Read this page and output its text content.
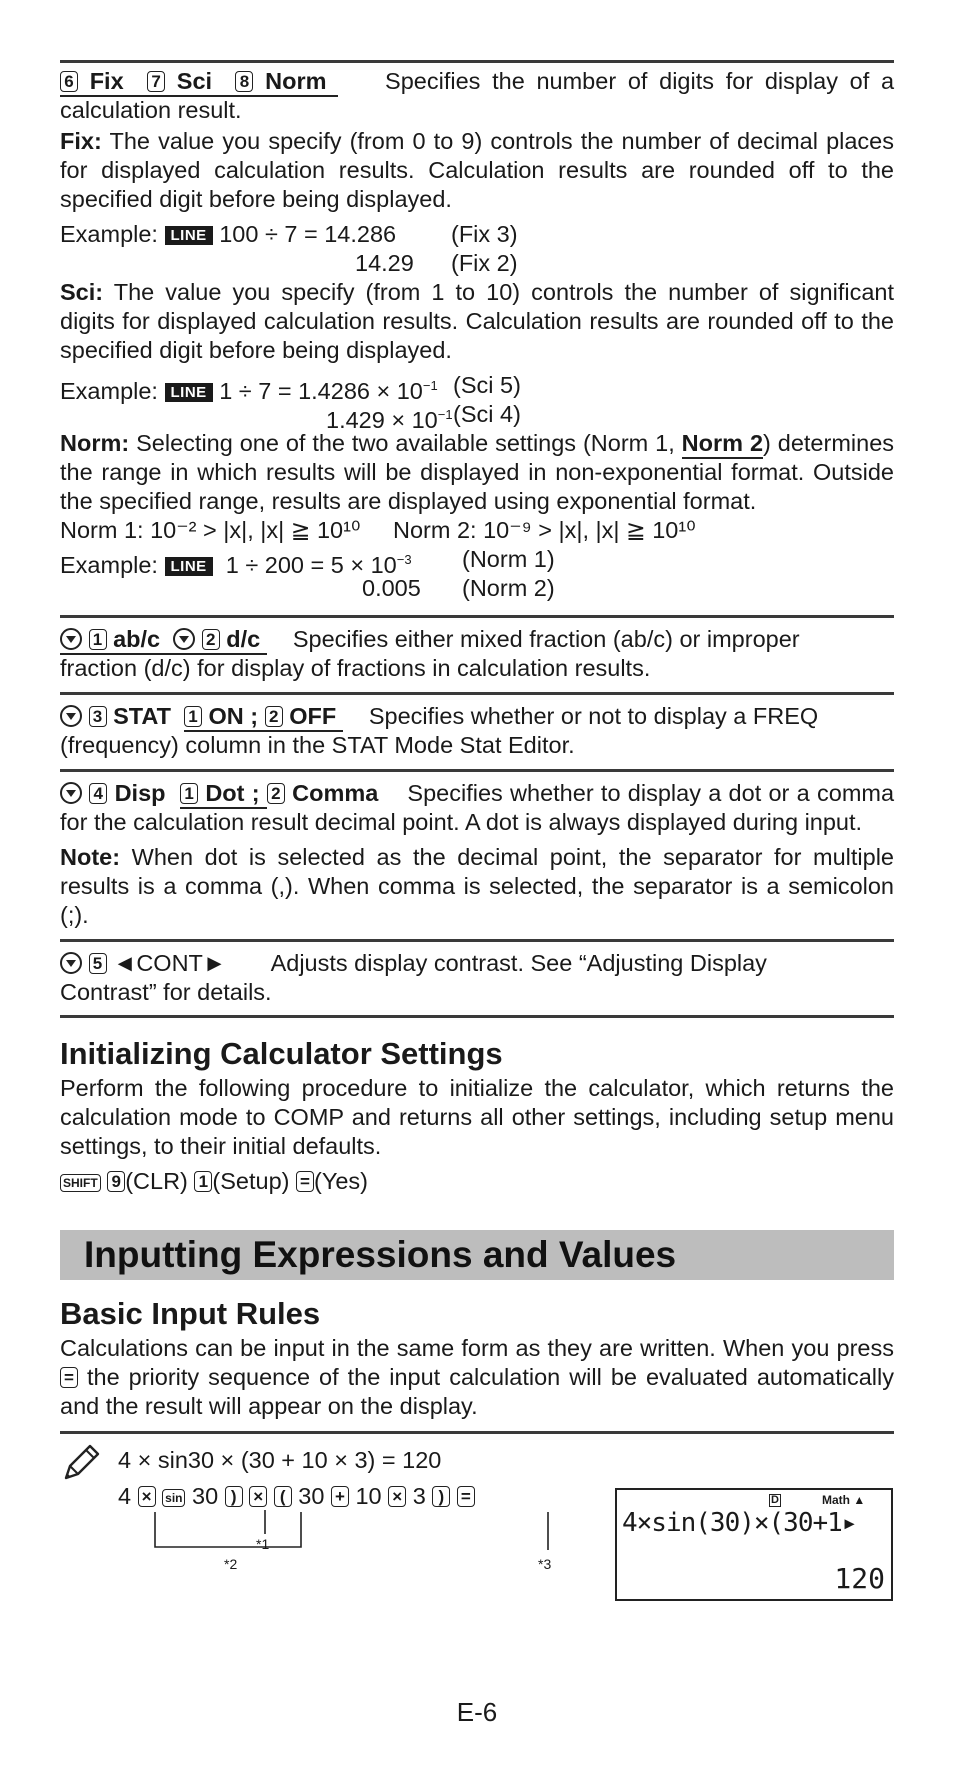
6 Fix 7 Sci 8 Norm Specifies the number of digits for display of a calculation result.

Fix: The value you specify (from 0 to 9) controls the number of decimal places for displayed calculation results. Calculation results are rounded off to the specified digit before being displayed.

Example: LINE 100 ÷ 7 = 14.286 (Fix 3)
14.29 (Fix 2)

Sci: The value you specify (from 1 to 10) controls the number of significant digits for displayed calculation results. Calculation results are rounded off to the specified digit before being displayed.

Example: LINE $1 \div 7 = 1.4286 \times 10^{-1}$ (Sci 5)
$1.429 \times 10^{-1}$ (Sci 4)

Norm: Selecting one of the two available settings (Norm 1, Norm 2) determines the range in which results will be displayed in non-exponential format. Outside the specified range, results are displayed using exponential format.

Norm 1: 10⁻² > |x|, |x| ≧ 10¹⁰ Norm 2: 10⁻⁹ > |x|, |x| ≧ 10¹⁰

Example: LINE $1 \div 200 = 5 \times 10^{-3}$ (Norm 1)
0.005 (Norm 2)

1 ab/c	2 d/c Specifies either mixed fraction (ab/c) or improper

fraction (d/c) for display of fractions in calculation results.

3 STAT 1 ON ; 2 OFF Specifies whether or not to display a FREQ

(frequency) column in the STAT Mode Stat Editor.

4 Disp 1 Dot ; 2 Comma Specifies whether to display a dot or a comma for the calculation result decimal point. A dot is always displayed during input.

Note: When dot is selected as the decimal point, the separator for multiple results is a comma (,). When comma is selected, the separator is a semicolon (;).

5 ◄CONT► Adjusts display contrast. See “Adjusting Display

Contrast” for details.

Initializing Calculator Settings

Perform the following procedure to initialize the calculator, which returns the calculation mode to COMP and returns all other settings, including setup menu settings, to their initial defaults.

SHIFT 9 (CLR) 1 (Setup) = (Yes)

Inputting Expressions and Values
Basic Input Rules

Calculations can be input in the same form as they are written. When you press = the priority sequence of the input calculation will be evaluated automatically and the result will appear on the display.

4 × sin30 × (30 + 10 × 3) = 120
4 × sin 30 ) × ( 30 + 10 × 3 ) =
*1
*2	*3
D	Math ▲
4×sin(30)×(30+1▸
120
E-6
